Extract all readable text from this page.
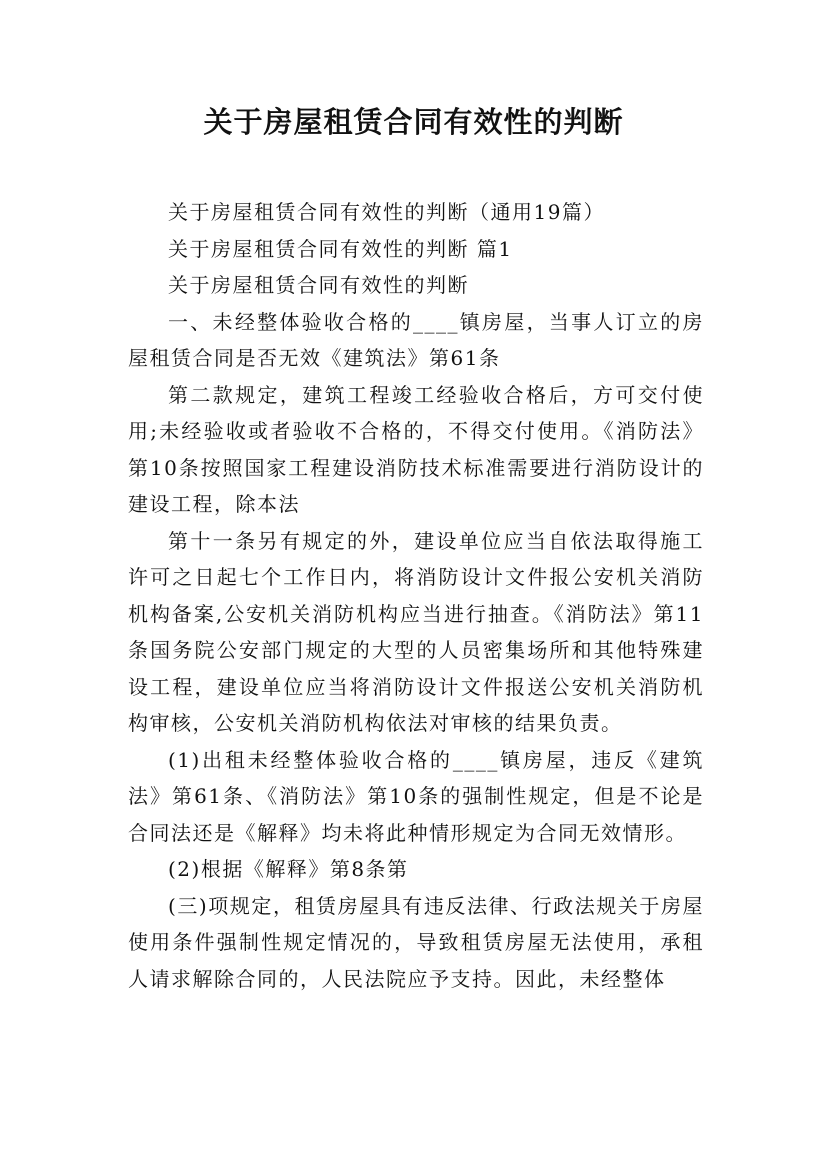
关于房屋租赁合同有效性的判断

关于房屋租赁合同有效性的判断（通用19篇）

关于房屋租赁合同有效性的判断 篇1

关于房屋租赁合同有效性的判断

一、未经整体验收合格的____镇房屋，当事人订立的房屋租赁合同是否无效《建筑法》第61条

第二款规定，建筑工程竣工经验收合格后，方可交付使用;未经验收或者验收不合格的，不得交付使用。《消防法》第10条按照国家工程建设消防技术标准需要进行消防设计的建设工程，除本法

第十一条另有规定的外，建设单位应当自依法取得施工许可之日起七个工作日内，将消防设计文件报公安机关消防机构备案,公安机关消防机构应当进行抽查。《消防法》第11条国务院公安部门规定的大型的人员密集场所和其他特殊建设工程，建设单位应当将消防设计文件报送公安机关消防机构审核，公安机关消防机构依法对审核的结果负责。

(1)出租未经整体验收合格的____镇房屋，违反《建筑法》第61条、《消防法》第10条的强制性规定，但是不论是合同法还是《解释》均未将此种情形规定为合同无效情形。

(2)根据《解释》第8条第

(三)项规定，租赁房屋具有违反法律、行政法规关于房屋使用条件强制性规定情况的，导致租赁房屋无法使用，承租人请求解除合同的，人民法院应予支持。因此，未经整体
